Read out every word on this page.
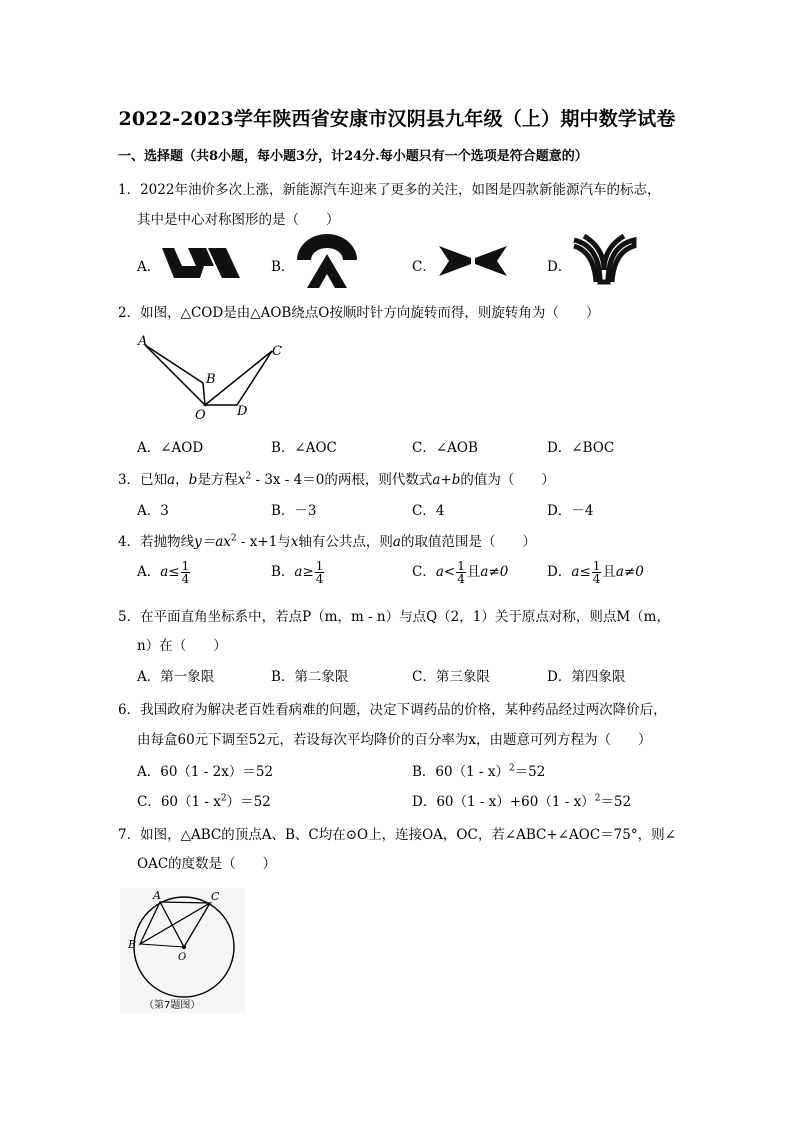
2022-2023学年陕西省安康市汉阴县九年级（上）期中数学试卷
一、选择题（共8小题，每小题3分，计24分.每小题只有一个选项是符合题意的）
1．2022年油价多次上涨，新能源汽车迎来了更多的关注，如图是四款新能源汽车的标志，
其中是中心对称图形的是（　　）
A．	B．	C．	D．
2．如图，△COD是由△AOB绕点O按顺时针方向旋转而得，则旋转角为（　　）
A
B
C
O D
A．∠AOD	B．∠AOC	C．∠AOB	D．∠BOC
3．已知a，b是方程$x^2 - 3x - 4=0$的两根，则代数式a+b的值为（　　）
A．3	B．－3	C．4	D．－4
4．若抛物线$y=ax^2 - x+1$与x轴有公共点，则a的取值范围是（　　）
A．$a\le \frac{1}{4}$	B．$a\ge \frac{1}{4}$	C．$a< \frac{1}{4}$ 且a≠0	D．$a\le \frac{1}{4}$ 且a≠0
5．在平面直角坐标系中，若点P（m，m - n）与点Q（2，1）关于原点对称，则点M（m，
n）在（　　）
A．第一象限	B．第二象限	C．第三象限	D．第四象限
6．我国政府为解决老百姓看病难的问题，决定下调药品的价格，某种药品经过两次降价后，
由每盒60元下调至52元，若设每次平均降价的百分率为x，由题意可列方程为（　　）
A．60（1 - 2x）＝52	B．60（1 - x）$^2$＝52
C．$60(1 - x^2)=52$	D．60（1 - x）+60（1 - x）$^2$＝52
7．如图，△ABC的顶点A、B、C均在⊙O上，连接OA，OC，若∠ABC+∠AOC＝75°，则∠
OAC的度数是（　　）
A	C
B
O
（第7题图）
